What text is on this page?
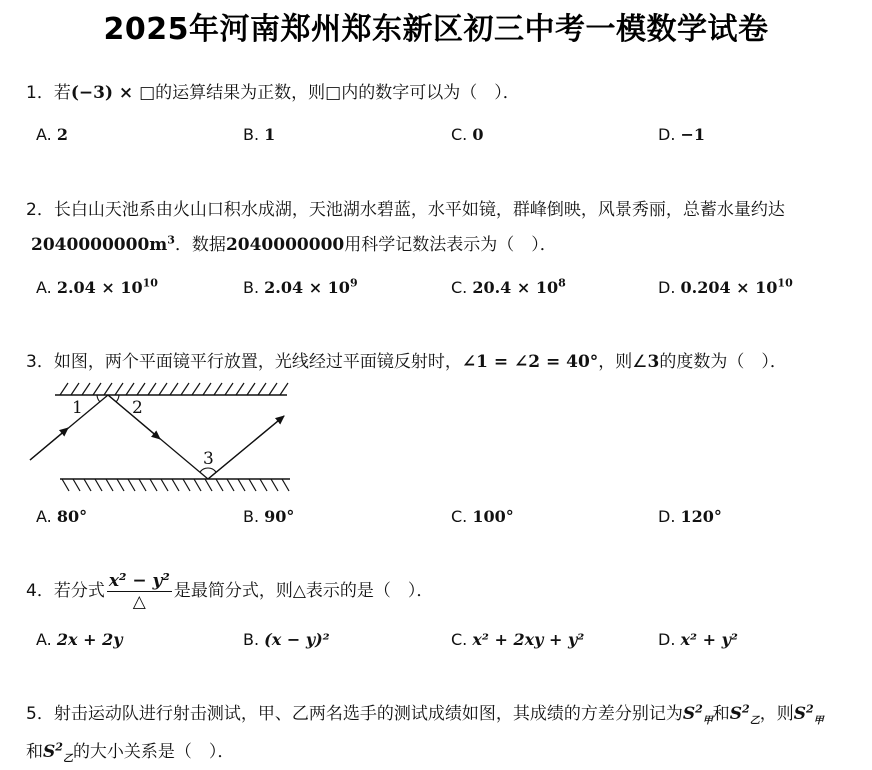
2025年河南郑州郑东新区初三中考一模数学试卷
1．若(−3) × □的运算结果为正数，则□内的数字可以为（　）．
A. 2	B. 1	C. 0	D. −1
2．长白山天池系由火山口积水成湖，天池湖水碧蓝，水平如镜，群峰倒映，风景秀丽，总蓄水量约达
$2040000000m^3$．数据2040000000用科学记数法表示为（　）．
A. $2.04 \times 10^{10}$	B. $2.04 \times 10^9$	C. $20.4 \times 10^8$	D. $0.204 \times 10^{10}$
3．如图，两个平面镜平行放置，光线经过平面镜反射时，∠1 = ∠2 = 40°，则∠3的度数为（　）．
1	2
3
A. 80°	B. 90°	C. 100°	D. 120°
4．若分式 $\frac{\text{x² − y²}}{\triangle}$ 是最简分式，则△表示的是（　）．
A. 2x + 2y	B. (x − y)²	C. x² + 2xy + y²	D. x² + y²
5．射击运动队进行射击测试，甲、乙两名选手的测试成绩如图，其成绩的方差分别记为$S^2_甲$和$S^2_乙$，则$S^2_甲$
和$S^2_乙$的大小关系是（　）．
